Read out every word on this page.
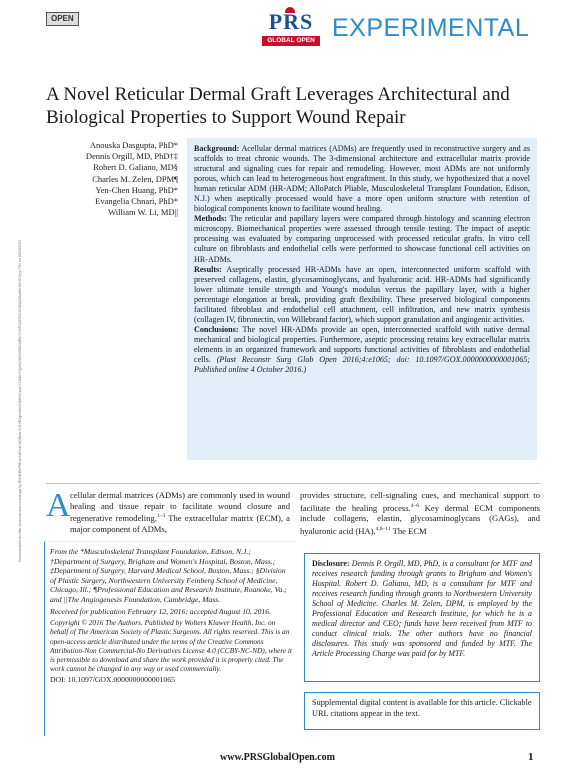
OPEN	PRS
GLOBAL OPEN EXPERIMENTAL
A Novel Reticular Dermal Graft Leverages Architectural and Biological Properties to Support Wound Repair
Downloaded from http://journals.lww.com/prsgo by BhDMf5ePHKav1zEoum1tQfN4a+kJLhEZgbsIHo4XMi0hCywCX1AWnYQp/IlQrHD3i3D0OdRyi7TvSFl4Cf3VC4/OAVpDDa8KKGKV0Ymy+78= on 08/28/2021
Anouska Dasgupta, PhD*
Dennis Orgill, MD, PhD†‡
Robert D. Galiano, MD§
Charles M. Zelen, DPM¶
Yen-Chen Huang, PhD*
Evangelia Chnari, PhD*
William W. Li, MD||

Background: Acellular dermal matrices (ADMs) are frequently used in reconstructive surgery and as scaffolds to treat chronic wounds. The 3-dimensional architecture and extracellular matrix provide structural and signaling cues for repair and remodeling. However, most ADMs are not uniformly porous, which can lead to heterogeneous host engraftment. In this study, we hypothesized that a novel human reticular ADM (HR-ADM; AlloPatch Pliable, Musculoskeletal Transplant Foundation, Edison, N.J.) when aseptically processed would have a more open uniform structure with retention of biological components known to facilitate wound healing.

Methods: The reticular and papillary layers were compared through histology and scanning electron microscopy. Biomechanical properties were assessed through tensile testing. The impact of aseptic processing was evaluated by comparing unprocessed with processed reticular grafts. In vitro cell culture on fibroblasts and endothelial cells were performed to showcase functional cell activities on HR-ADMs.

Results: Aseptically processed HR-ADMs have an open, interconnected uniform scaffold with preserved collagens, elastin, glycosaminoglycans, and hyaluronic acid. HR-ADMs had significantly lower ultimate tensile strength and Young's modulus versus the papillary layer, with a higher percentage elongation at break, providing graft flexibility. These preserved biological components facilitated fibroblast and endothelial cell attachment, cell infiltration, and new matrix synthesis (collagen IV, fibronectin, von Willebrand factor), which support granulation and angiogenic activities.

Conclusions: The novel HR-ADMs provide an open, interconnected scaffold with native dermal mechanical and biological properties. Furthermore, aseptic processing retains key extracellular matrix elements in an organized framework and supports functional activities of fibroblasts and endothelial cells. (Plast Reconstr Surg Glob Open 2016;4:e1065; doi: 10.1097/GOX.0000000000001065; Published online 4 October 2016.)

A cellular dermal matrices (ADMs) are commonly used in wound healing and tissue repair to facilitate wound closure and regenerative remodeling.$^{1-3}$ The extracellular matrix (ECM), a major component of ADMs,

provides structure, cell-signaling cues, and mechanical support to facilitate the healing process.$^{4-6}$ Key dermal ECM components include collagens, elastin, glycosaminoglycans (GAGs), and hyaluronic acid (HA).$^{4,6-11}$ The ECM

From the *Musculoskeletal Transplant Foundation, Edison, N.J.; †Department of Surgery, Brigham and Women's Hospital, Boston, Mass.; ‡Department of Surgery, Harvard Medical School, Boston, Mass.; §Division of Plastic Surgery, Northwestern University Feinberg School of Medicine, Chicago, Ill.; ¶Professional Education and Research Institute, Roanoke, Va.; and ||The Angiogenesis Foundation, Cambridge, Mass.

Received for publication February 12, 2016; accepted August 10, 2016.

Copyright © 2016 The Authors. Published by Wolters Kluwer Health, Inc. on behalf of The American Society of Plastic Surgeons. All rights reserved. This is an open-access article distributed under the terms of the Creative Commons Attribution-Non Commercial-No Derivatives License 4.0 (CCBY-NC-ND), where it is permissible to download and share the work provided it is properly cited. The work cannot be changed in any way or used commercially.

DOI: 10.1097/GOX.0000000000001065

Disclosure: Dennis P. Orgill, MD, PhD, is a consultant for MTF and receives research funding through grants to Brigham and Women's Hospital. Robert D. Galiano, MD, is a consultant for MTF and receives research funding through grants to Northwestern University School of Medicine. Charles M. Zelen, DPM, is employed by the Professional Education and Research Institute, for which he is a medical director and CEO; funds have been received from MTF to conduct clinical trials. The other authors have no financial disclosures. This study was sponsored and funded by MTF. The Article Processing Charge was paid for by MTF.
Supplemental digital content is available for this article. Clickable URL citations appear in the text.
www.PRSGlobalOpen.com	1
